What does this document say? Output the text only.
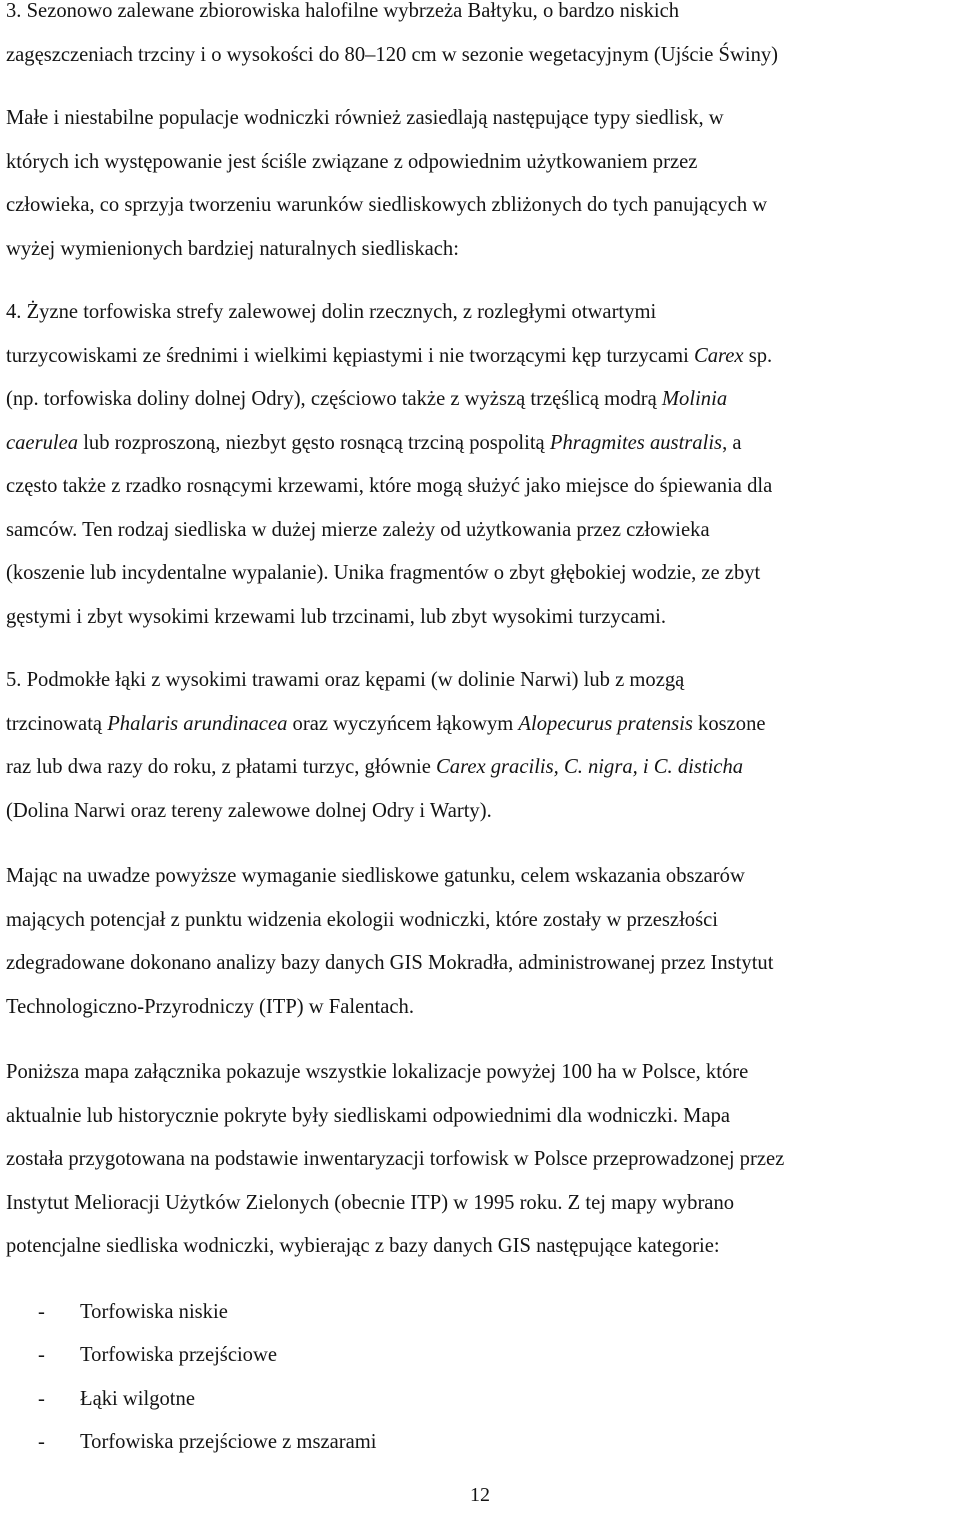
3. Sezonowo zalewane zbiorowiska halofilne wybrzeża Bałtyku, o bardzo niskich
zagęszczeniach trzciny i o wysokości do 80–120 cm w sezonie wegetacyjnym (Ujście Świny)
Małe i niestabilne populacje wodniczki również zasiedlają następujące typy siedlisk, w
których ich występowanie jest ściśle związane z odpowiednim użytkowaniem przez
człowieka, co sprzyja tworzeniu warunków siedliskowych zbliżonych do tych panujących w
wyżej wymienionych bardziej naturalnych siedliskach:
4. Żyzne torfowiska strefy zalewowej dolin rzecznych, z rozległymi otwartymi
turzycowiskami ze średnimi i wielkimi kępiastymi i nie tworzącymi kęp turzycami Carex sp.
(np. torfowiska doliny dolnej Odry), częściowo także z wyższą trzęślicą modrą Molinia
caerulea lub rozproszoną, niezbyt gęsto rosnącą trzciną pospolitą Phragmites australis, a
często także z rzadko rosnącymi krzewami, które mogą służyć jako miejsce do śpiewania dla
samców. Ten rodzaj siedliska w dużej mierze zależy od użytkowania przez człowieka
(koszenie lub incydentalne wypalanie). Unika fragmentów o zbyt głębokiej wodzie, ze zbyt
gęstymi i zbyt wysokimi krzewami lub trzcinami, lub zbyt wysokimi turzycami.
5. Podmokłe łąki z wysokimi trawami oraz kępami (w dolinie Narwi) lub z mozgą
trzcinowatą Phalaris arundinacea oraz wyczyńcem łąkowym Alopecurus pratensis koszone
raz lub dwa razy do roku, z płatami turzyc, głównie Carex gracilis, C. nigra, i C. disticha
(Dolina Narwi oraz tereny zalewowe dolnej Odry i Warty).
Mając na uwadze powyższe wymaganie siedliskowe gatunku, celem wskazania obszarów
mających potencjał z punktu widzenia ekologii wodniczki, które zostały w przeszłości
zdegradowane dokonano analizy bazy danych GIS Mokradła, administrowanej przez Instytut
Technologiczno-Przyrodniczy (ITP) w Falentach.
Poniższa mapa załącznika pokazuje wszystkie lokalizacje powyżej 100 ha w Polsce, które
aktualnie lub historycznie pokryte były siedliskami odpowiednimi dla wodniczki. Mapa
została przygotowana na podstawie inwentaryzacji torfowisk w Polsce przeprowadzonej przez
Instytut Melioracji Użytków Zielonych (obecnie ITP) w 1995 roku. Z tej mapy wybrano
potencjalne siedliska wodniczki, wybierając z bazy danych GIS następujące kategorie:
- Torfowiska niskie
- Torfowiska przejściowe
- Łąki wilgotne
- Torfowiska przejściowe z mszarami
12
